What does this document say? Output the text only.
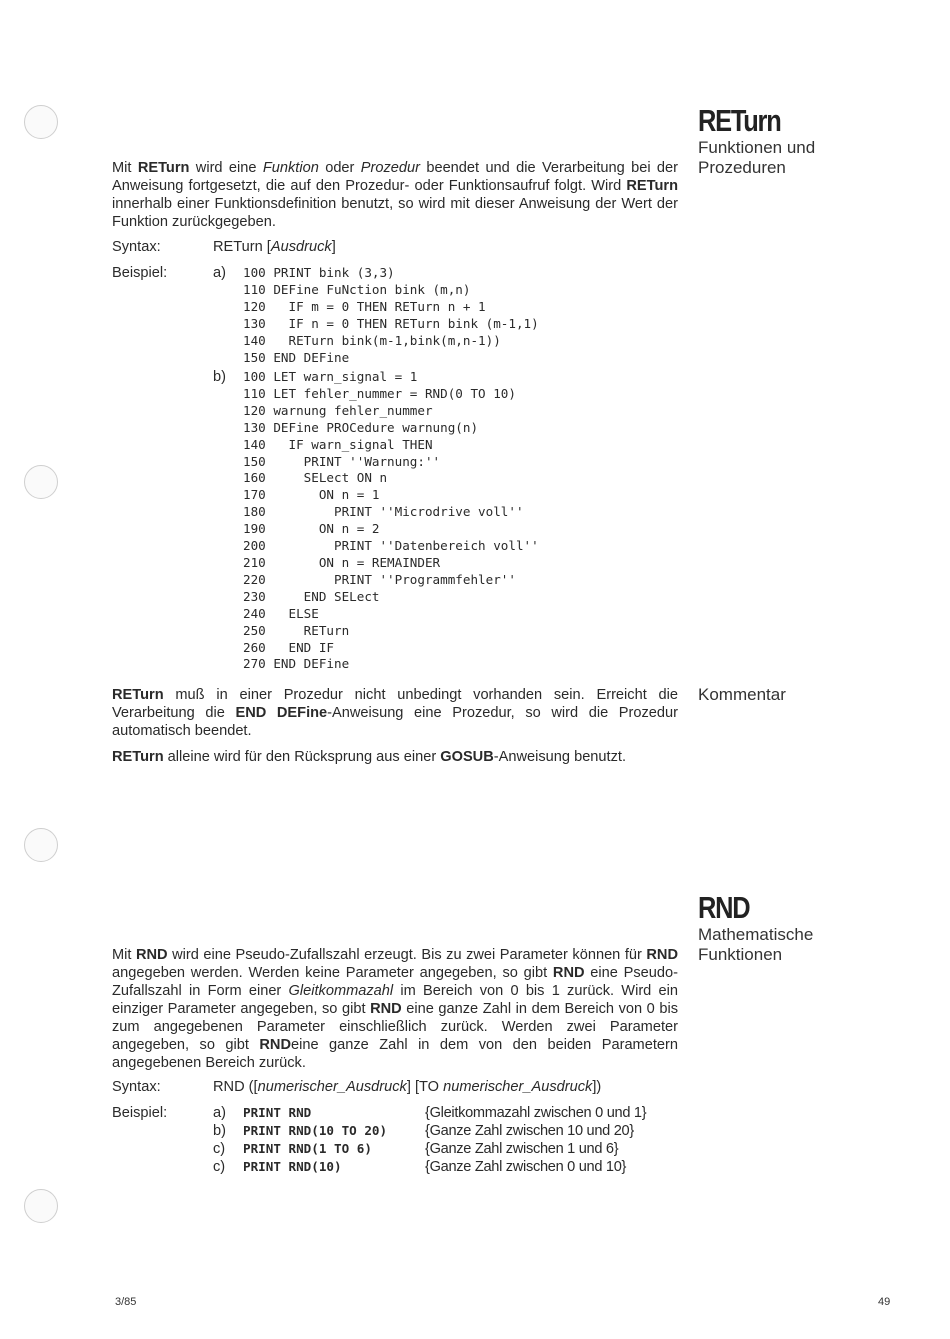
RETurn
Funktionen und
Prozeduren

Mit RETurn wird eine Funktion oder Prozedur beendet und die Verarbeitung bei der Anweisung fortgesetzt, die auf den Prozedur- oder Funktionsaufruf folgt. Wird RETurn innerhalb einer Funktionsdefinition benutzt, so wird mit dieser Anweisung der Wert der Funktion zurückgegeben.

Syntax:	RETurn [Ausdruck]
Beispiel:	a) 100 PRINT bink (3,3)
110 DEFine FuNction bink (m,n)
120   IF m = 0 THEN RETurn n + 1
130   IF n = 0 THEN RETurn bink (m-1,1)
140   RETurn bink(m-1,bink(m,n-1))
150 END DEFine
b) 100 LET warn_signal = 1
110 LET fehler_nummer = RND(0 TO 10)
120 warnung fehler_nummer
130 DEFine PROCedure warnung(n)
140   IF warn_signal THEN
150     PRINT ''Warnung:''
160     SELect ON n
170       ON n = 1
180         PRINT ''Microdrive voll''
190       ON n = 2
200         PRINT ''Datenbereich voll''
210       ON n = REMAINDER
220         PRINT ''Programmfehler''
230     END SELect
240   ELSE
250     RETurn
260   END IF
270 END DEFine
Kommentar

RETurn muß in einer Prozedur nicht unbedingt vorhanden sein. Erreicht die Verarbeitung die END DEFine-Anweisung eine Prozedur, so wird die Prozedur automatisch beendet.

RETurn alleine wird für den Rücksprung aus einer GOSUB-Anweisung benutzt.

RND
Mathematische
Funktionen

Mit RND wird eine Pseudo-Zufallszahl erzeugt. Bis zu zwei Parameter können für RND angegeben werden. Werden keine Parameter angegeben, so gibt RND eine Pseudo-Zufallszahl in Form einer Gleitkommazahl im Bereich von 0 bis 1 zurück. Wird ein einziger Parameter angegeben, so gibt RND eine ganze Zahl in dem Bereich von 0 bis zum angegebenen Parameter einschließlich zurück. Werden zwei Parameter angegeben, so gibt RNDeine ganze Zahl in dem von den beiden Parametern angegebenen Bereich zurück.

Syntax:	RND ([numerischer_Ausdruck] [TO numerischer_Ausdruck])
Beispiel:	a) PRINT RND	{Gleitkommazahl zwischen 0 und 1}
b) PRINT RND(10 TO 20)	{Ganze Zahl zwischen 10 und 20}
c) PRINT RND(1 TO 6)	{Ganze Zahl zwischen 1 und 6}
c) PRINT RND(10)	{Ganze Zahl zwischen 0 und 10}
3/85	49
